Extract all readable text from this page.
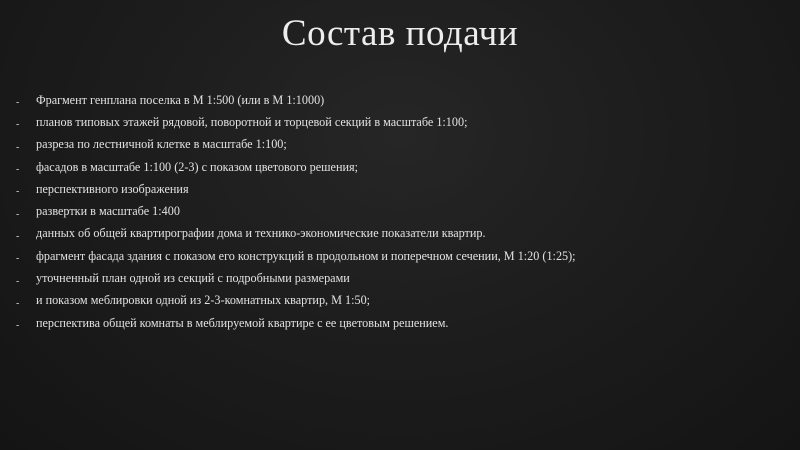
Состав подачи
-	Фрагмент генплана поселка в М 1:500 (или в М 1:1000)
-	планов типовых этажей рядовой, поворотной и торцевой секций в масштабе 1:100;
-	разреза по лестничной клетке в масштабе 1:100;
-	фасадов в масштабе 1:100 (2-3) с показом цветового решения;
-	перспективного изображения
-	развертки в масштабе 1:400
-	данных об общей квартирографии дома и технико-экономические показатели квартир.
-	фрагмент фасада здания с показом его конструкций в продольном и поперечном сечении, М 1:20 (1:25);
-	уточненный план одной из секций с подробными размерами
-	и показом меблировки одной из 2-3-комнатных квартир, М 1:50;
-	перспектива общей комнаты в меблируемой квартире с ее цветовым решением.
